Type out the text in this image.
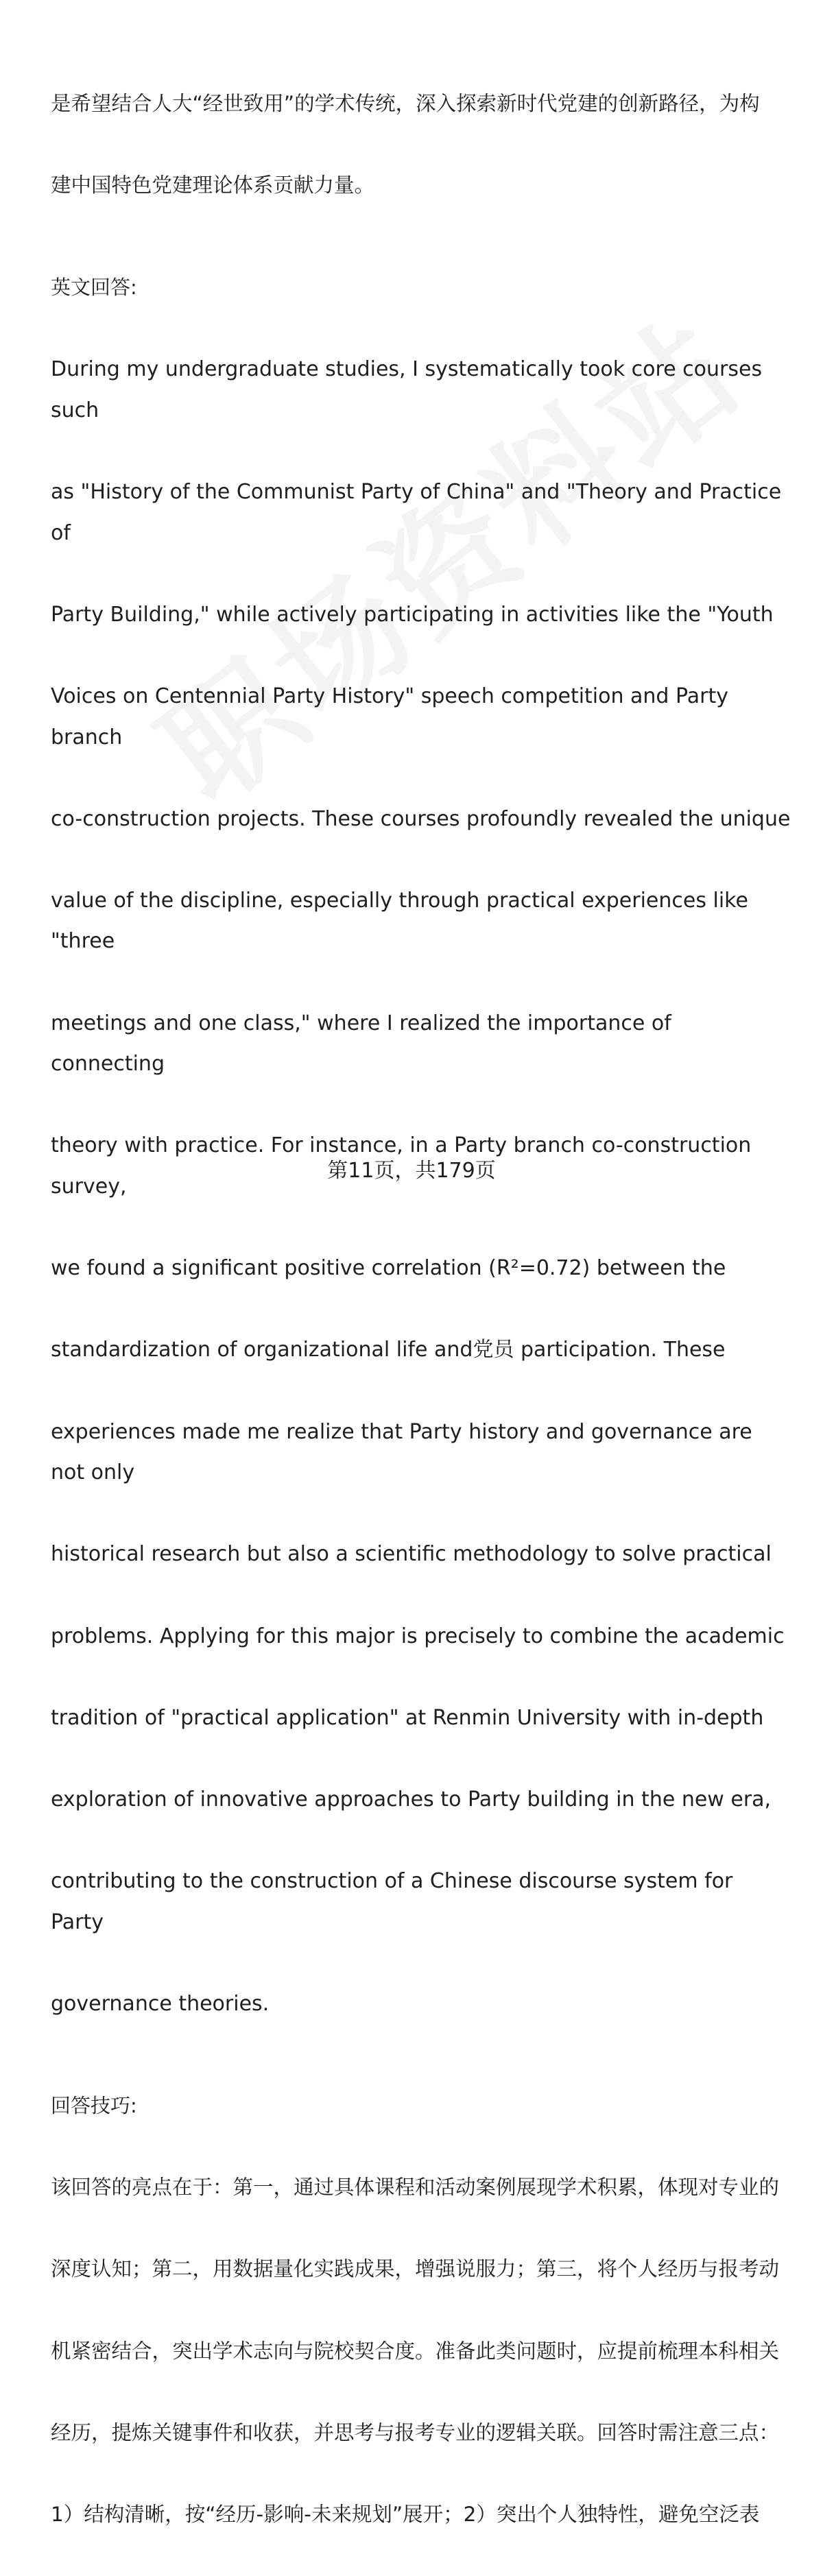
是希望结合人大“经世致用”的学术传统，深入探索新时代党建的创新路径，为构

建中国特色党建理论体系贡献力量。

英文回答:

During my undergraduate studies, I systematically took core courses such

as "History of the Communist Party of China" and "Theory and Practice of

Party Building," while actively participating in activities like the "Youth

Voices on Centennial Party History" speech competition and Party branch

co-construction projects. These courses profoundly revealed the unique

value of the discipline, especially through practical experiences like "three

meetings and one class," where I realized the importance of connecting

theory with practice. For instance, in a Party branch co-construction survey,

we found a significant positive correlation (R²=0.72) between the

standardization of organizational life and党员 participation. These

experiences made me realize that Party history and governance are not only

historical research but also a scientific methodology to solve practical

problems. Applying for this major is precisely to combine the academic

tradition of "practical application" at Renmin University with in-depth

exploration of innovative approaches to Party building in the new era,

contributing to the construction of a Chinese discourse system for Party

governance theories.

回答技巧:

该回答的亮点在于：第一，通过具体课程和活动案例展现学术积累，体现对专业的

深度认知；第二，用数据量化实践成果，增强说服力；第三，将个人经历与报考动

机紧密结合，突出学术志向与院校契合度。准备此类问题时，应提前梳理本科相关

经历，提炼关键事件和收获，并思考与报考专业的逻辑关联。回答时需注意三点：

1）结构清晰，按“经历-影响-未来规划”展开；2）突出个人独特性，避免空泛表

第11页，共179页
